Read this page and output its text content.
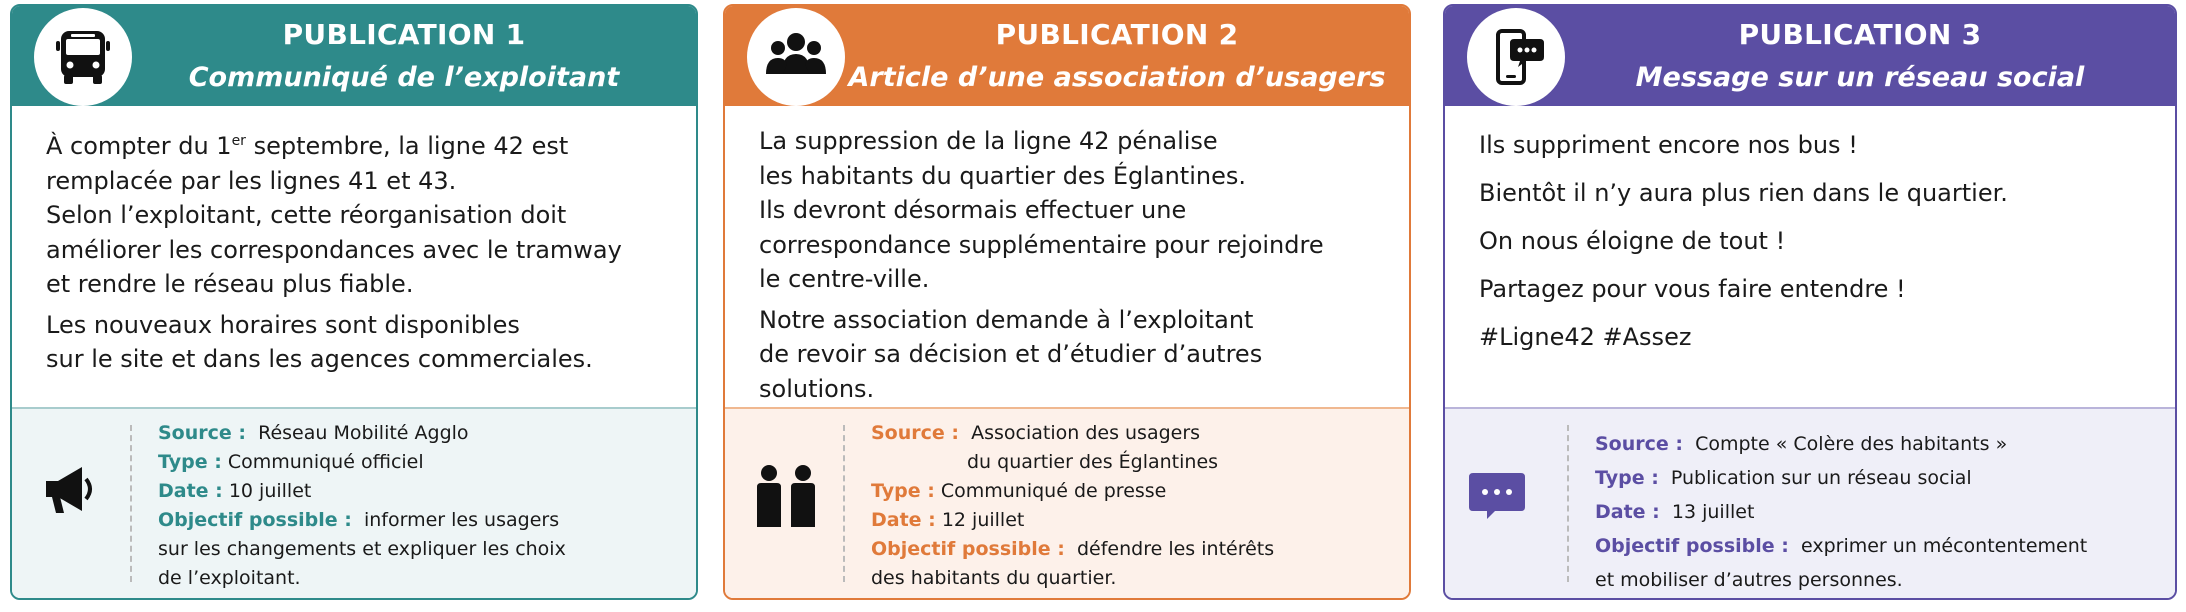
PUBLICATION 1
Communiqué de l’exploitant

À compter du 1er septembre, la ligne 42 est

remplacée par les lignes 41 et 43.

Selon l’exploitant, cette réorganisation doit

améliorer les correspondances avec le tramway

et rendre le réseau plus fiable.

Les nouveaux horaires sont disponibles

sur le site et dans les agences commerciales.

Source : Réseau Mobilité Agglo
Type : Communiqué officiel
Date : 10 juillet
Objectif possible : informer les usagers
sur les changements et expliquer les choix
de l’exploitant.
PUBLICATION 2
Article d’une association d’usagers

La suppression de la ligne 42 pénalise

les habitants du quartier des Églantines.

Ils devront désormais effectuer une

correspondance supplémentaire pour rejoindre

le centre-ville.

Notre association demande à l’exploitant

de revoir sa décision et d’étudier d’autres

solutions.

Source : Association des usagers
du quartier des Églantines
Type : Communiqué de presse
Date : 12 juillet
Objectif possible : défendre les intérêts
des habitants du quartier.
PUBLICATION 3
Message sur un réseau social

Ils suppriment encore nos bus !

Bientôt il n’y aura plus rien dans le quartier.

On nous éloigne de tout !

Partagez pour vous faire entendre !

#Ligne42 #Assez

Source : Compte « Colère des habitants »
Type : Publication sur un réseau social
Date : 13 juillet
Objectif possible : exprimer un mécontentement
et mobiliser d’autres personnes.
